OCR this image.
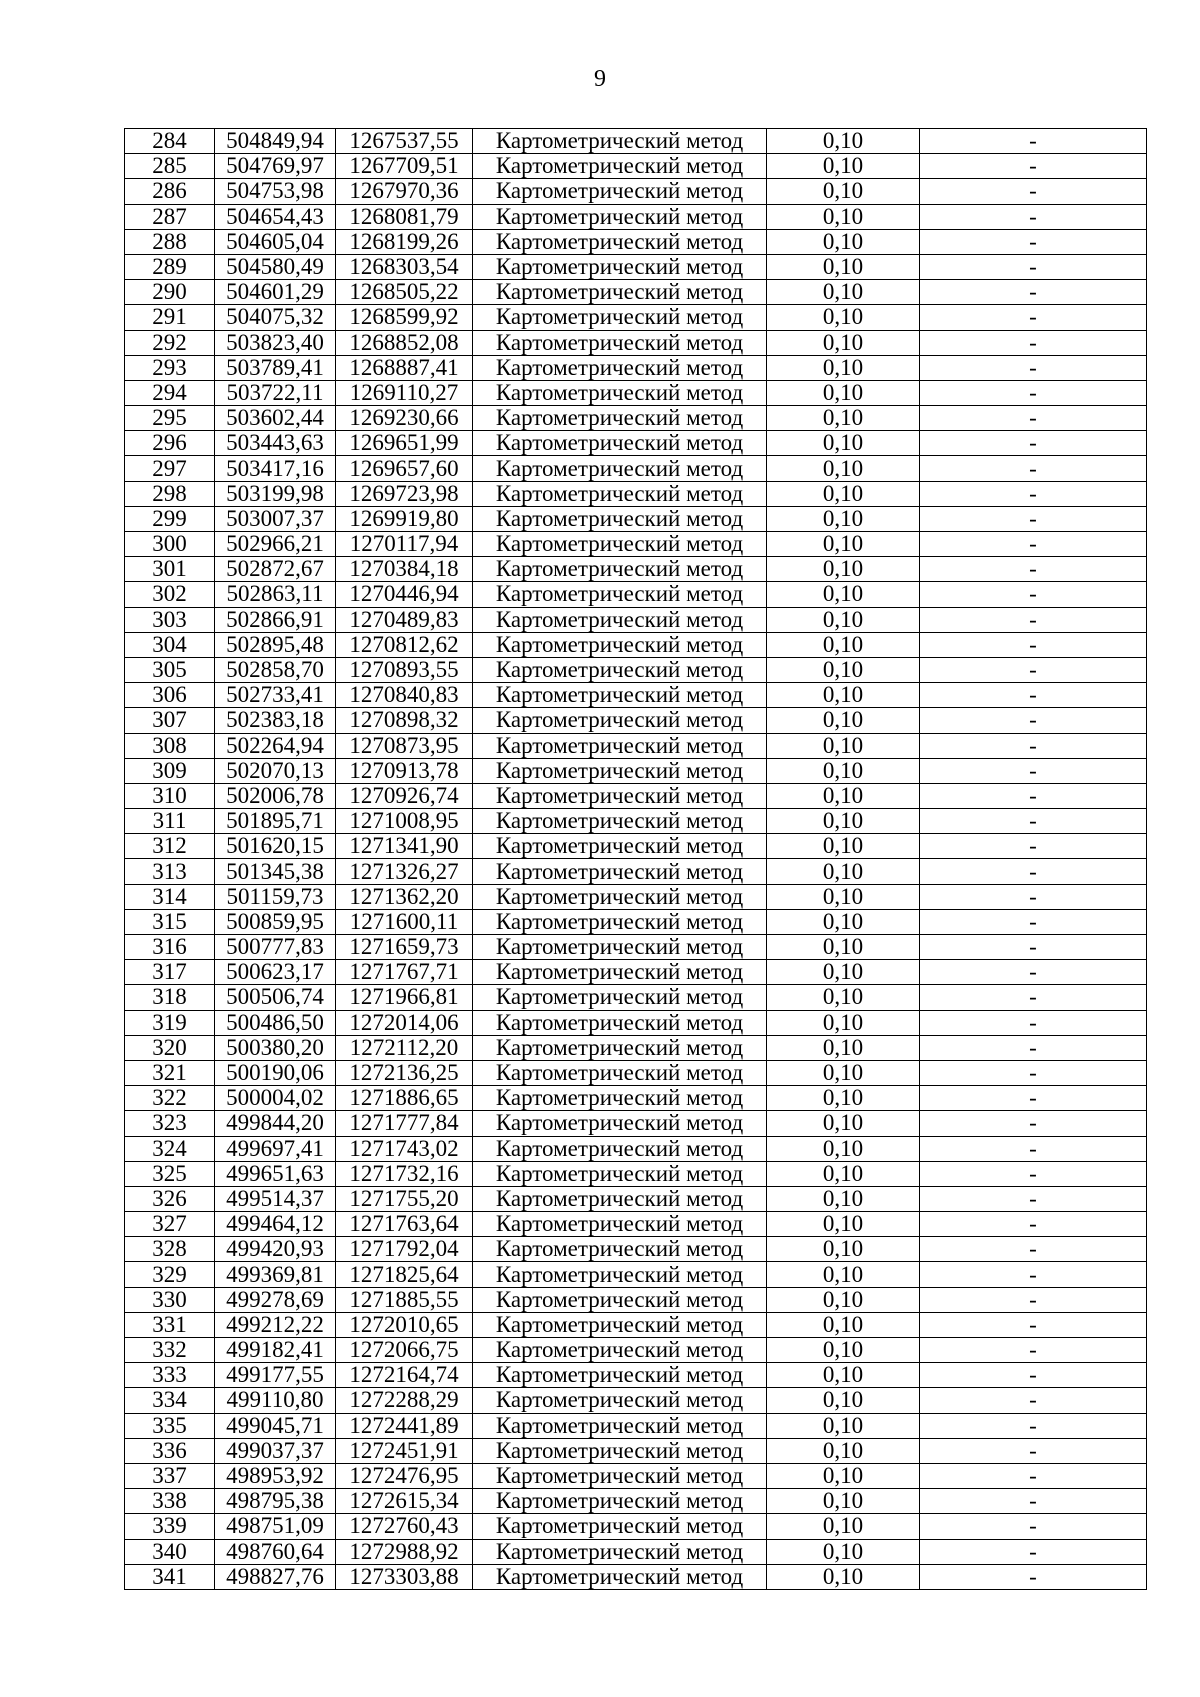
9
284	504849,94	1267537,55	Картометрический метод	0,10	-
285	504769,97	1267709,51	Картометрический метод	0,10	-
286	504753,98	1267970,36	Картометрический метод	0,10	-
287	504654,43	1268081,79	Картометрический метод	0,10	-
288	504605,04	1268199,26	Картометрический метод	0,10	-
289	504580,49	1268303,54	Картометрический метод	0,10	-
290	504601,29	1268505,22	Картометрический метод	0,10	-
291	504075,32	1268599,92	Картометрический метод	0,10	-
292	503823,40	1268852,08	Картометрический метод	0,10	-
293	503789,41	1268887,41	Картометрический метод	0,10	-
294	503722,11	1269110,27	Картометрический метод	0,10	-
295	503602,44	1269230,66	Картометрический метод	0,10	-
296	503443,63	1269651,99	Картометрический метод	0,10	-
297	503417,16	1269657,60	Картометрический метод	0,10	-
298	503199,98	1269723,98	Картометрический метод	0,10	-
299	503007,37	1269919,80	Картометрический метод	0,10	-
300	502966,21	1270117,94	Картометрический метод	0,10	-
301	502872,67	1270384,18	Картометрический метод	0,10	-
302	502863,11	1270446,94	Картометрический метод	0,10	-
303	502866,91	1270489,83	Картометрический метод	0,10	-
304	502895,48	1270812,62	Картометрический метод	0,10	-
305	502858,70	1270893,55	Картометрический метод	0,10	-
306	502733,41	1270840,83	Картометрический метод	0,10	-
307	502383,18	1270898,32	Картометрический метод	0,10	-
308	502264,94	1270873,95	Картометрический метод	0,10	-
309	502070,13	1270913,78	Картометрический метод	0,10	-
310	502006,78	1270926,74	Картометрический метод	0,10	-
311	501895,71	1271008,95	Картометрический метод	0,10	-
312	501620,15	1271341,90	Картометрический метод	0,10	-
313	501345,38	1271326,27	Картометрический метод	0,10	-
314	501159,73	1271362,20	Картометрический метод	0,10	-
315	500859,95	1271600,11	Картометрический метод	0,10	-
316	500777,83	1271659,73	Картометрический метод	0,10	-
317	500623,17	1271767,71	Картометрический метод	0,10	-
318	500506,74	1271966,81	Картометрический метод	0,10	-
319	500486,50	1272014,06	Картометрический метод	0,10	-
320	500380,20	1272112,20	Картометрический метод	0,10	-
321	500190,06	1272136,25	Картометрический метод	0,10	-
322	500004,02	1271886,65	Картометрический метод	0,10	-
323	499844,20	1271777,84	Картометрический метод	0,10	-
324	499697,41	1271743,02	Картометрический метод	0,10	-
325	499651,63	1271732,16	Картометрический метод	0,10	-
326	499514,37	1271755,20	Картометрический метод	0,10	-
327	499464,12	1271763,64	Картометрический метод	0,10	-
328	499420,93	1271792,04	Картометрический метод	0,10	-
329	499369,81	1271825,64	Картометрический метод	0,10	-
330	499278,69	1271885,55	Картометрический метод	0,10	-
331	499212,22	1272010,65	Картометрический метод	0,10	-
332	499182,41	1272066,75	Картометрический метод	0,10	-
333	499177,55	1272164,74	Картометрический метод	0,10	-
334	499110,80	1272288,29	Картометрический метод	0,10	-
335	499045,71	1272441,89	Картометрический метод	0,10	-
336	499037,37	1272451,91	Картометрический метод	0,10	-
337	498953,92	1272476,95	Картометрический метод	0,10	-
338	498795,38	1272615,34	Картометрический метод	0,10	-
339	498751,09	1272760,43	Картометрический метод	0,10	-
340	498760,64	1272988,92	Картометрический метод	0,10	-
341	498827,76	1273303,88	Картометрический метод	0,10	-
